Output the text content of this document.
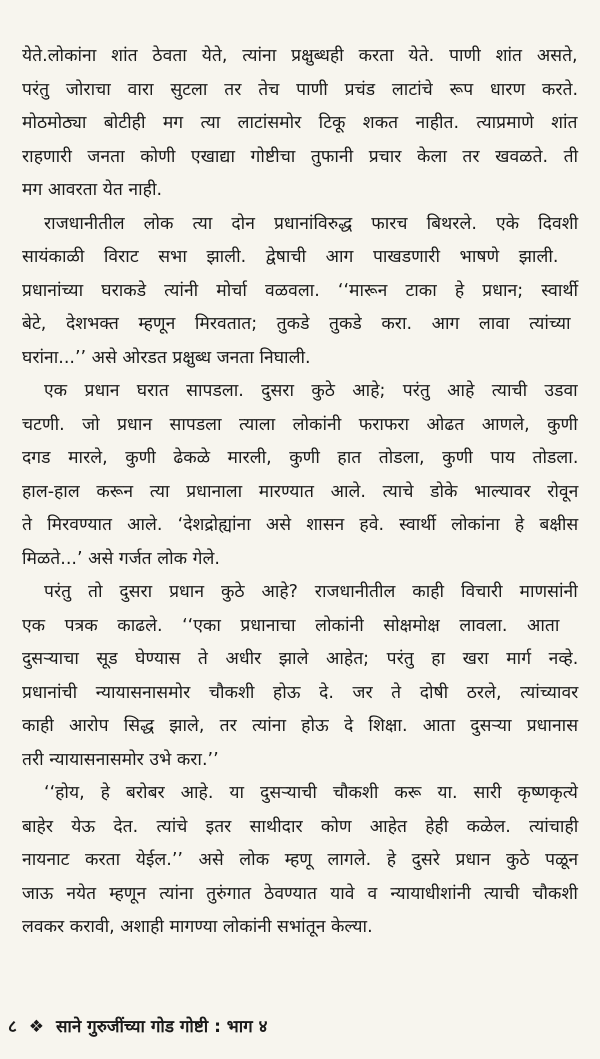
येते.लोकांना शांत ठेवता येते, त्यांना प्रक्षुब्धही करता येते. पाणी शांत असते,
परंतु जोराचा वारा सुटला तर तेच पाणी प्रचंड लाटांचे रूप धारण करते.
मोठमोठ्या बोटीही मग त्या लाटांसमोर टिकू शकत नाहीत. त्याप्रमाणे शांत
राहणारी जनता कोणी एखाद्या गोष्टीचा तुफानी प्रचार केला तर खवळते. ती
मग आवरता येत नाही.
राजधानीतील लोक त्या दोन प्रधानांविरुद्ध फारच बिथरले. एके दिवशी
सायंकाळी विराट सभा झाली. द्वेषाची आग पाखडणारी भाषणे झाली.
प्रधानांच्या घराकडे त्यांनी मोर्चा वळवला. ‘‘मारून टाका हे प्रधान; स्वार्थी
बेटे, देशभक्त म्हणून मिरवतात; तुकडे तुकडे करा. आग लावा त्यांच्या
घरांना...’’ असे ओरडत प्रक्षुब्ध जनता निघाली.
एक प्रधान घरात सापडला. दुसरा कुठे आहे; परंतु आहे त्याची उडवा
चटणी. जो प्रधान सापडला त्याला लोकांनी फराफरा ओढत आणले, कुणी
दगड मारले, कुणी ढेकळे मारली, कुणी हात तोडला, कुणी पाय तोडला.
हाल-हाल करून त्या प्रधानाला मारण्यात आले. त्याचे डोके भाल्यावर रोवून
ते मिरवण्यात आले. ‘देशद्रोह्यांना असे शासन हवे. स्वार्थी लोकांना हे बक्षीस
मिळते...’ असे गर्जत लोक गेले.
परंतु तो दुसरा प्रधान कुठे आहे? राजधानीतील काही विचारी माणसांनी
एक पत्रक काढले. ‘‘एका प्रधानाचा लोकांनी सोक्षमोक्ष लावला. आता
दुसऱ्याचा सूड घेण्यास ते अधीर झाले आहेत; परंतु हा खरा मार्ग नव्हे.
प्रधानांची न्यायासनासमोर चौकशी होऊ दे. जर ते दोषी ठरले, त्यांच्यावर
काही आरोप सिद्ध झाले, तर त्यांना होऊ दे शिक्षा. आता दुसऱ्या प्रधानास
तरी न्यायासनासमोर उभे करा.’’
‘‘होय, हे बरोबर आहे. या दुसऱ्याची चौकशी करू या. सारी कृष्णकृत्ये
बाहेर येऊ देत. त्यांचे इतर साथीदार कोण आहेत हेही कळेल. त्यांचाही
नायनाट करता येईल.’’ असे लोक म्हणू लागले. हे दुसरे प्रधान कुठे पळून
जाऊ नयेत म्हणून त्यांना तुरुंगात ठेवण्यात यावे व न्यायाधीशांनी त्याची चौकशी
लवकर करावी, अशाही मागण्या लोकांनी सभांतून केल्या.
८ ❖ साने गुरुजींच्या गोड गोष्टी : भाग ४
